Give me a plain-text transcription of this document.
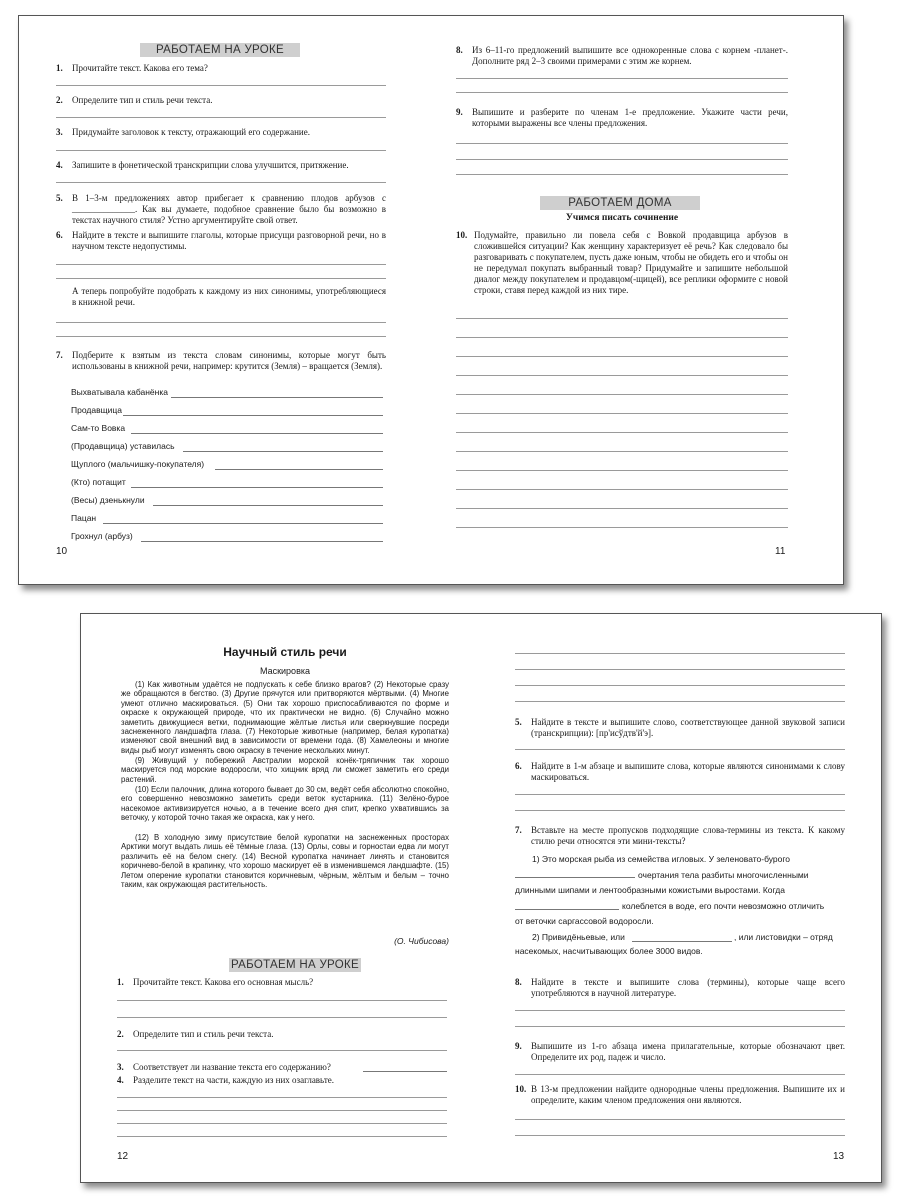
РАБОТАЕМ НА УРОКЕ
1. Прочитайте текст. Какова его тема?
2. Определите тип и стиль речи текста.
3. Придумайте заголовок к тексту, отражающий его содержание.
4. Запишите в фонетической транскрипции слова улучшится, притяжение.
5. В 1–3-м предложениях автор прибегает к сравнению плодов арбузов с ______________. Как вы думаете, подобное сравнение было бы возможно в текстах научного стиля? Устно аргументируйте свой ответ.
6. Найдите в тексте и выпишите глаголы, которые присущи разговорной речи, но в научном тексте недопустимы.
А теперь попробуйте подобрать к каждому из них синонимы, употребляющиеся в книжной речи.
7. Подберите к взятым из текста словам синонимы, которые могут быть использованы в книжной речи, например: крутится (Земля) – вращается (Земля).
Выхватывала кабанёнка
Продавщица
Сам-то Вовка
(Продавщица) уставилась
Щуплого (мальчишку-покупателя)
(Кто) потащит
(Весы) дзенькнули
Пацан
Грохнул (арбуз)
10
8. Из 6–11-го предложений выпишите все однокоренные слова с корнем -планет-. Дополните ряд 2–3 своими примерами с этим же корнем.
9. Выпишите и разберите по членам 1-е предложение. Укажите части речи, которыми выражены все члены предложения.
РАБОТАЕМ ДОМА
Учимся писать сочинение
10. Подумайте, правильно ли повела себя с Вовкой продавщица арбузов в сложившейся ситуации? Как женщину характеризует её речь? Как следовало бы разговаривать с покупателем, пусть даже юным, чтобы не обидеть его и чтобы он не передумал покупать выбранный товар? Придумайте и запишите небольшой диалог между покупателем и продавцом(-щицей), все реплики оформите с новой строки, ставя перед каждой из них тире.
11
Научный стиль речи
Маскировка
(1) Как животным удаётся не подпускать к себе близко врагов? (2) Некоторые сразу же обращаются в бегство. (3) Другие прячутся или притворяются мёртвыми. (4) Многие умеют отлично маскироваться. (5) Они так хорошо приспосабливаются по форме и окраске к окружающей природе, что их практически не видно. (6) Случайно можно заметить движущиеся ветки, поднимающие жёлтые листья или сверкнувшие посреди заснеженного ландшафта глаза. (7) Некоторые животные (например, белая куропатка) изменяют свой внешний вид в зависимости от времени года. (8) Хамелеоны и многие виды рыб могут изменять свою окраску в течение нескольких минут.
(9) Живущий у побережий Австралии морской конёк-тряпичник так хорошо маскируется под морские водоросли, что хищник вряд ли сможет заметить его среди растений.
(10) Если палочник, длина которого бывает до 30 см, ведёт себя абсолютно спокойно, его совершенно невозможно заметить среди веток кустарника. (11) Зелёно-бурое насекомое активизируется ночью, а в течение всего дня спит, крепко ухватившись за веточку, у которой точно такая же окраска, как у него.
(12) В холодную зиму присутствие белой куропатки на заснеженных просторах Арктики могут выдать лишь её тёмные глаза. (13) Орлы, совы и горностаи едва ли могут различить её на белом снегу. (14) Весной куропатка начинает линять и становится коричнево-белой в крапинку, что хорошо маскирует её в изменившемся ландшафте. (15) Летом оперение куропатки становится коричневым, чёрным, жёлтым и белым – точно таким, как окружающая растительность.
(О. Чибисова)
РАБОТАЕМ НА УРОКЕ
1. Прочитайте текст. Какова его основная мысль?
2. Определите тип и стиль речи текста.
3. Соответствует ли название текста его содержанию?
4. Разделите текст на части, каждую из них озаглавьте.
12
5. Найдите в тексте и выпишите слово, соответствующее данной звуковой записи (транскрипции): [пр'исўдтв'й'э].
6. Найдите в 1-м абзаце и выпишите слова, которые являются синонимами к слову маскироваться.
7. Вставьте на месте пропусков подходящие слова-термины из текста. К какому стилю речи относятся эти мини-тексты?
1) Это морская рыба из семейства игловых. У зеленовато-бурого
очертания тела разбиты многочисленными
длинными шипами и лентообразными кожистыми выростами. Когда
колеблется в воде, его почти невозможно отличить
от веточки саргассовой водоросли.
2) Привидёньевые, или	, или листовидки – отряд
насекомых, насчитывающих более 3000 видов.
8. Найдите в тексте и выпишите слова (термины), которые чаще всего употребляются в научной литературе.
9. Выпишите из 1-го абзаца имена прилагательные, которые обозначают цвет. Определите их род, падеж и число.
10. В 13-м предложении найдите однородные члены предложения. Выпишите их и определите, каким членом предложения они являются.
13
